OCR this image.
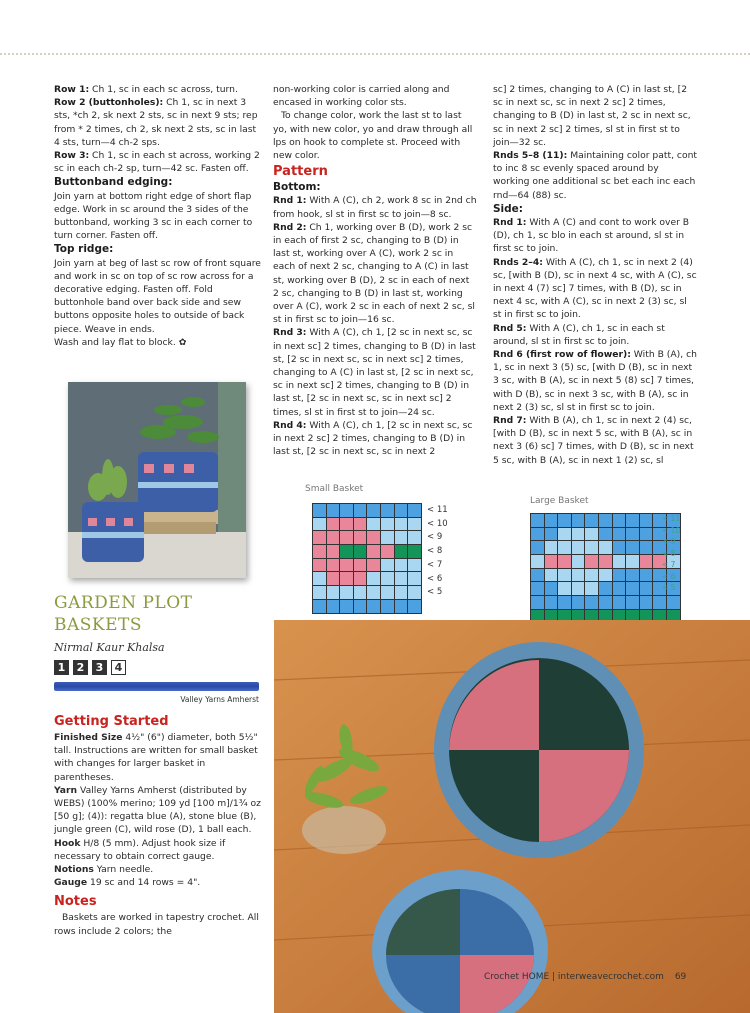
Row 1: Ch 1, sc in each sc across, turn.

Row 2 (buttonholes): Ch 1, sc in next 3 sts, *ch 2, sk next 2 sts, sc in next 9 sts; rep from * 2 times, ch 2, sk next 2 sts, sc in last 4 sts, turn—4 ch-2 sps.

Row 3: Ch 1, sc in each st across, working 2 sc in each ch-2 sp, turn—42 sc. Fasten off.

Buttonband edging:

Join yarn at bottom right edge of short flap edge. Work in sc around the 3 sides of the buttonband, working 3 sc in each corner to turn corner. Fasten off.

Top ridge:

Join yarn at beg of last sc row of front square and work in sc on top of sc row across for a decorative edging. Fasten off. Fold buttonhole band over back side and sew buttons opposite holes to outside of back piece. Weave in ends.

Wash and lay flat to block. ✿

non-working color is carried along and encased in working color sts.

To change color, work the last st to last yo, with new color, yo and draw through all lps on hook to complete st. Proceed with new color.

Pattern
Bottom:

Rnd 1: With A (C), ch 2, work 8 sc in 2nd ch from hook, sl st in first sc to join—8 sc.

Rnd 2: Ch 1, working over B (D), work 2 sc in each of first 2 sc, changing to B (D) in last st, working over A (C), work 2 sc in each of next 2 sc, changing to A (C) in last st, working over B (D), 2 sc in each of next 2 sc, changing to B (D) in last st, working over A (C), work 2 sc in each of next 2 sc, sl st in first sc to join—16 sc.

Rnd 3: With A (C), ch 1, [2 sc in next sc, sc in next sc] 2 times, changing to B (D) in last st, [2 sc in next sc, sc in next sc] 2 times, changing to A (C) in last st, [2 sc in next sc, sc in next sc] 2 times, changing to B (D) in last st, [2 sc in next sc, sc in next sc] 2 times, sl st in first st to join—24 sc.

Rnd 4: With A (C), ch 1, [2 sc in next sc, sc in next 2 sc] 2 times, changing to B (D) in last st, [2 sc in next sc, sc in next 2

sc] 2 times, changing to A (C) in last st, [2 sc in next sc, sc in next 2 sc] 2 times, changing to B (D) in last st, 2 sc in next sc, sc in next 2 sc] 2 times, sl st in first st to join—32 sc.

Rnds 5–8 (11): Maintaining color patt, cont to inc 8 sc evenly spaced around by working one additional sc bet each inc each rnd—64 (88) sc.

Side:

Rnd 1: With A (C) and cont to work over B (D), ch 1, sc blo in each st around, sl st in first sc to join.

Rnds 2–4: With A (C), ch 1, sc in next 2 (4) sc, [with B (D), sc in next 4 sc, with A (C), sc in next 4 (7) sc] 7 times, with B (D), sc in next 4 sc, with A (C), sc in next 2 (3) sc, sl st in first sc to join.

Rnd 5: With A (C), ch 1, sc in each st around, sl st in first sc to join.

Rnd 6 (first row of flower): With B (A), ch 1, sc in next 3 (5) sc, [with D (B), sc in next 3 sc, with B (A), sc in next 5 (8) sc] 7 times, with D (B), sc in next 3 sc, with B (A), sc in next 2 (3) sc, sl st in first sc to join.

Rnd 7: With B (A), ch 1, sc in next 2 (4) sc, [with D (B), sc in next 5 sc, with B (A), sc in next 3 (6) sc] 7 times, with D (B), sc in next 5 sc, with B (A), sc in next 1 (2) sc, sl

Small Basket
< 11
< 10
< 9
< 8
< 7
< 6
< 5
Large Basket
< 11
< 10
< 9
< 8
< 7
< 6
< 5
GARDEN PLOT BASKETS
Nirmal Kaur Khalsa
1	2	3	4
Valley Yarns Amherst
Getting Started

Finished Size 4½" (6") diameter, both 5½" tall. Instructions are written for small basket with changes for larger basket in parentheses.

Yarn Valley Yarns Amherst (distributed by WEBS) (100% merino; 109 yd [100 m]/1¾ oz [50 g]; (4)): regatta blue (A), stone blue (B), jungle green (C), wild rose (D), 1 ball each.

Hook H/8 (5 mm). Adjust hook size if necessary to obtain correct gauge.

Notions Yarn needle.

Gauge 19 sc and 14 rows = 4".

Notes

Baskets are worked in tapestry crochet. All rows include 2 colors; the

Crochet HOME | interweavecrochet.com 69
